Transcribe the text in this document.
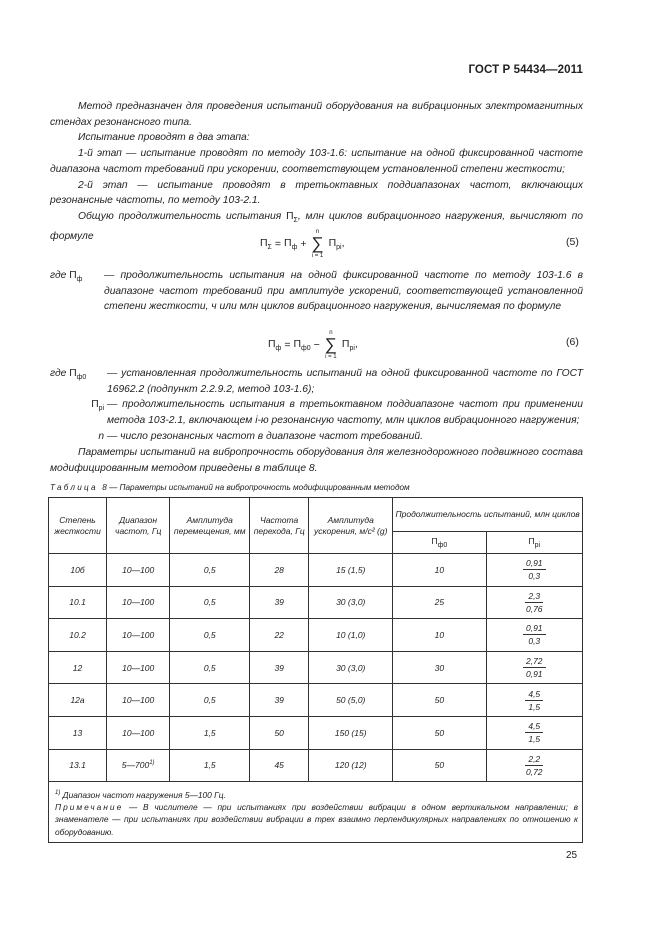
ГОСТ Р 54434—2011

Метод предназначен для проведения испытаний оборудования на вибрационных электромагнитных стендах резонансного типа.

Испытание проводят в два этапа:

1-й этап — испытание проводят по методу 103-1.6: испытание на одной фиксированной частоте диапазона частот требований при ускорении, соответствующем установленной степени жесткости;

2-й этап — испытание проводят в третьоктавных поддиапазонах частот, включающих резонансные частоты, по методу 103-2.1.

Общую продолжительность испытания $П_\Sigma$, млн циклов вибрационного нагружения, вычисляют по формуле

$П_\Sigma = П_ф$ +
n
∑
i = 1
$П_{рi}$,	(5)
где $П_ф$	— продолжительность испытания на одной фиксированной частоте по методу 103-1.6 в диапазоне частот требований при амплитуде ускорений, соответствующей установленной степени жесткости, ч или млн циклов вибрационного нагружения, вычисляемая по формуле
$П_ф = П_{ф0}$ −
n
∑
i = 1
$П_{рi}$,	(6)
где $П_{ф0}$	— установленная продолжительность испытаний на одной фиксированной частоте по ГОСТ 16962.2 (подпункт 2.2.9.2, метод 103-1.6);
$П_{рi}$ — продолжительность испытания в третьоктавном поддиапазоне частот при применении метода 103-2.1, включающем i-ю резонансную частоту, млн циклов вибрационного нагружения;
n — число резонансных частот в диапазоне частот требований.

Параметры испытаний на вибропрочность оборудования для железнодорожного подвижного состава модифицированным методом приведены в таблице 8.

Таблица 8 — Параметры испытаний на вибропрочность модифицированным методом
Степень жесткости	Диапазон частот, Гц	Амплитуда перемещения, мм	Частота перехода, Гц	Амплитуда ускорения, м/с² (g)	Продолжительность испытаний, млн циклов	
					$П_{ф0}$	$П_{рi}$
10б	10—100	0,5	28	15 (1,5)	10	$\frac{0,91}{0,3}$

10.1	10—100	0,5	39	30 (3,0)	25	$\frac{2,3}{0,76}$

10.2	10—100	0,5	22	10 (1,0)	10	$\frac{0,91}{0,3}$

12	10—100	0,5	39	30 (3,0)	30	$\frac{2,72}{0,91}$

12а	10—100	0,5	39	50 (5,0)	50	$\frac{4,5}{1,5}$

13	10—100	1,5	50	150 (15)	50	$\frac{4,5}{1,5}$

13.1	5—700$^{1)}$	1,5	45	120 (12)	50	$\frac{2,2}{0,72}$

$^{1)}$ Диапазон частот нагружения 5—100 Гц.
Примечание — В числителе — при испытаниях при воздействии вибрации в одном вертикальном направлении; в знаменателе — при испытаниях при воздействии вибрации в трех взаимно перпендикулярных направлениях по отношению к оборудованию.						
25
